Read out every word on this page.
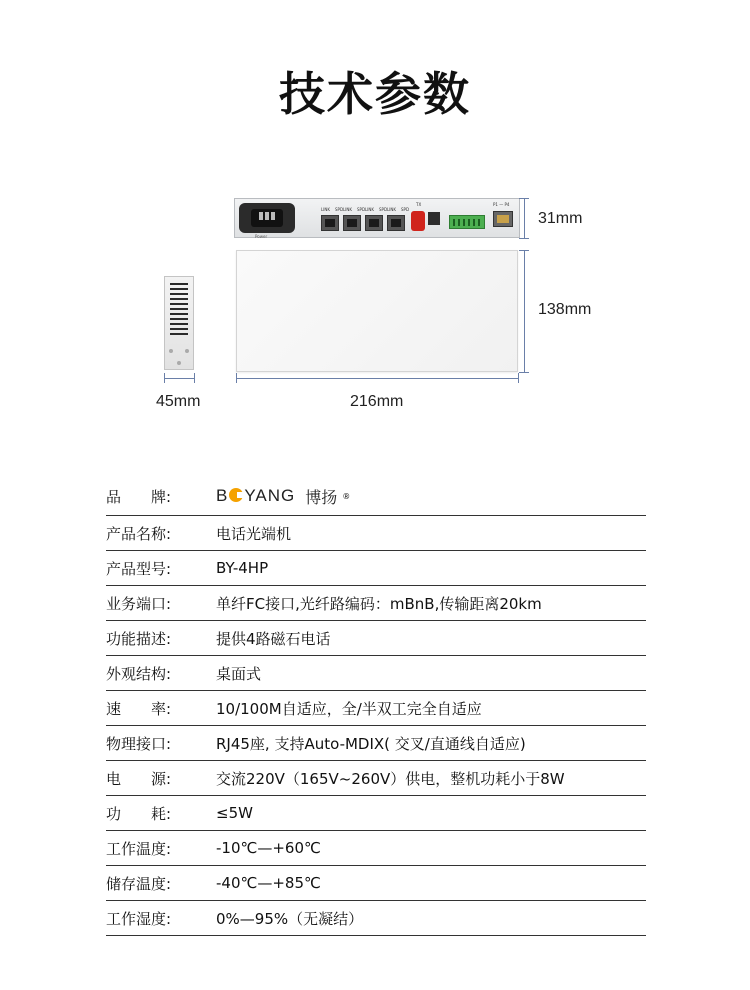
技术参数
Power
LINK SPD LINK SPD LINK SPD LINK SPD
TX	P1 — P4
31mm
138mm
45mm	216mm
品　　牌:	B YANG 博扬 ®
产品名称:	电话光端机
产品型号:	BY-4HP
业务端口:	单纤FC接口,光纤路编码：mBnB,传输距离20km
功能描述:	提供4路磁石电话
外观结构:	桌面式
速　　率:	10/100M自适应，全/半双工完全自适应
物理接口:	RJ45座, 支持Auto-MDIX( 交叉/直通线自适应)
电　　源:	交流220V（165V~260V）供电，整机功耗小于8W
功　　耗:	≤5W
工作温度:	-10℃—+60℃
储存温度:	-40℃—+85℃
工作湿度:	0%—95%（无凝结）
